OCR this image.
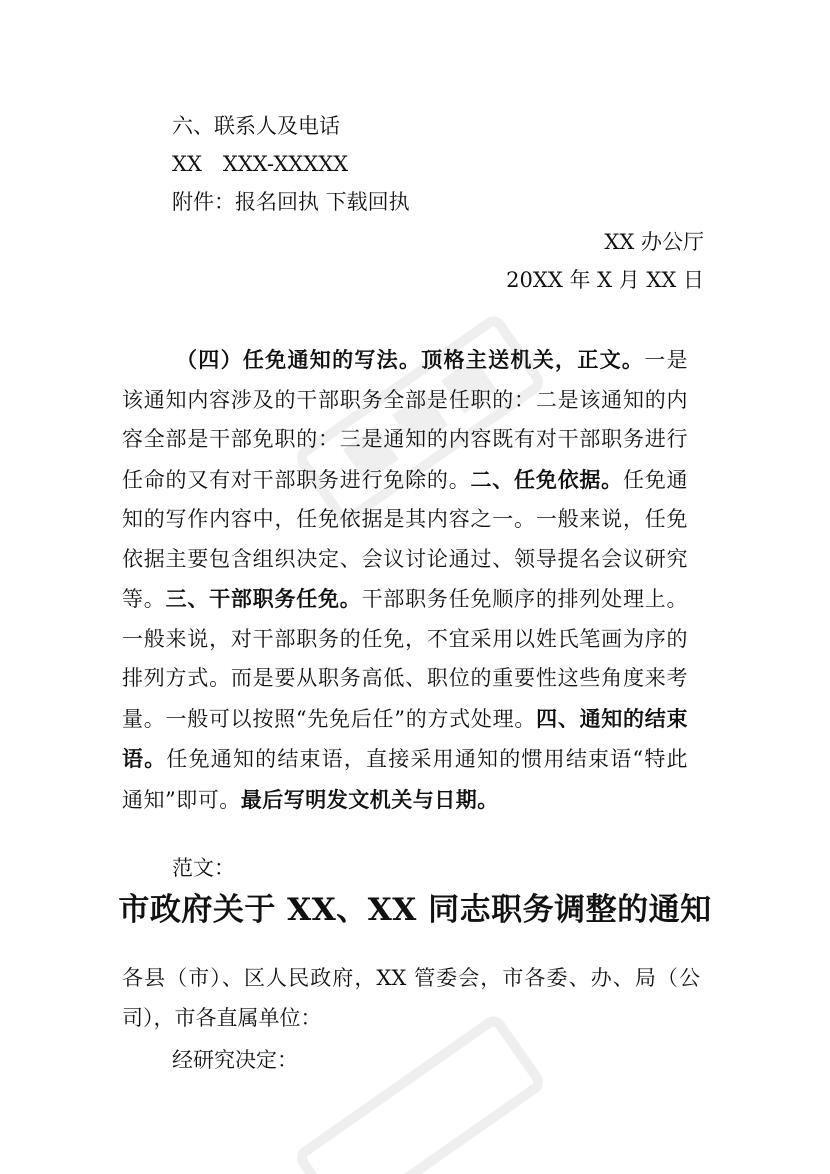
六、联系人及电话
XX　XXX-XXXXX
附件：报名回执 下载回执
XX 办公厅
20XX 年 X 月 XX 日
（四）任免通知的写法。顶格主送机关，正文。一是该通知内容涉及的干部职务全部是任职的：二是该通知的内容全部是干部免职的：三是通知的内容既有对干部职务进行任命的又有对干部职务进行免除的。二、任免依据。任免通知的写作内容中，任免依据是其内容之一。一般来说，任免依据主要包含组织决定、会议讨论通过、领导提名会议研究等。三、干部职务任免。干部职务任免顺序的排列处理上。一般来说，对干部职务的任免，不宜采用以姓氏笔画为序的排列方式。而是要从职务高低、职位的重要性这些角度来考量。一般可以按照“先免后任”的方式处理。四、通知的结束语。任免通知的结束语，直接采用通知的惯用结束语“特此通知”即可。最后写明发文机关与日期。
范文：
市政府关于 XX、XX 同志职务调整的通知
各县（市）、区人民政府，XX 管委会，市各委、办、局（公司），市各直属单位：
经研究决定：
